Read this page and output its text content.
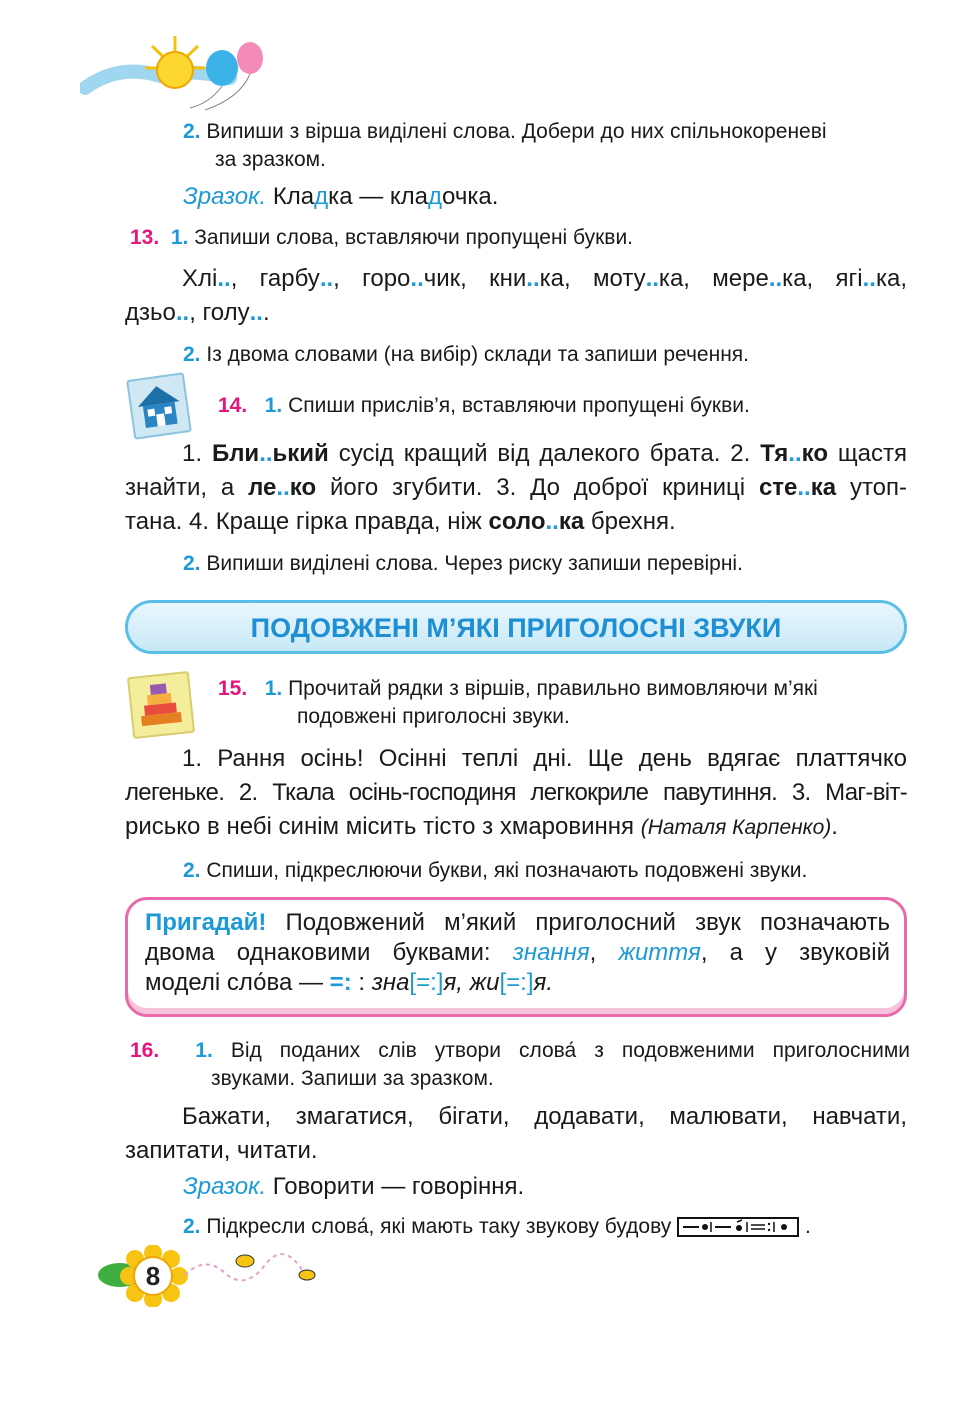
2. Випиши з вірша виділені слова. Добери до них спільнокореневі
за зразком.
Зразок. Кладка — кладочка.
13. 1. Запиши слова, вставляючи пропущені букви.
Хлі.., гарбу.., горо..чик, кни..ка, моту..ка, мере..ка, ягі..ка,
дзьо.., голу...
2. Із двома словами (на вибір) склади та запиши речення.
14. 1. Спиши прислів’я, вставляючи пропущені букви.
1. Бли..ький сусід кращий від далекого брата. 2. Тя..ко щастя
знайти, а ле..ко його згубити. 3. До доброї криниці сте..ка утоп-
тана. 4. Краще гірка правда, ніж соло..ка брехня.
2. Випиши виділені слова. Через риску запиши перевірні.
ПОДОВЖЕНІ М’ЯКІ ПРИГОЛОСНІ ЗВУКИ
15. 1. Прочитай рядки з віршів, правильно вимовляючи м’які
подовжені приголосні звуки.
1. Рання осінь! Осінні теплі дні. Ще день вдягає платтячко
легеньке. 2. Ткала осінь-господиня легкокриле павутиння. 3. Маг-віт-
рисько в небі синім місить тісто з хмаровиння (Наталя Карпенко).
2. Спиши, підкреслюючи букви, які позначають подовжені звуки.
Пригадай! Подовжений м’який приголосний звук позначають
двома однаковими буквами: знання, життя, а у звуковій
моделі сло́ва — =: : зна[=:]я, жи[=:]я.
16. 1. Від поданих слів утвори слова́ з подовженими приголосними
звуками. Запиши за зразком.
Бажати, змагатися, бігати, додавати, малювати, навчати,
запитати, читати.
Зразок. Говорити — говоріння.
2. Підкресли слова́, які мають таку звукову будову	.
8
